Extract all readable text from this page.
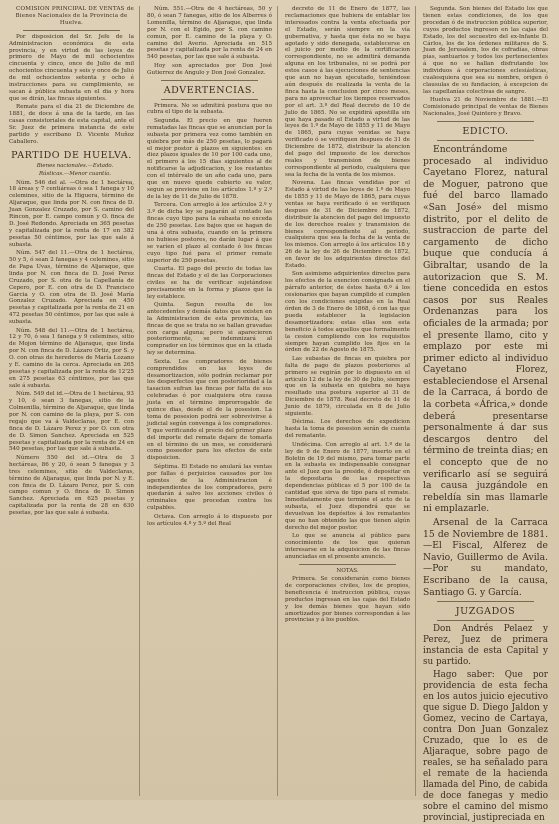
COMISION PRINCIPAL DE VENTAS de Bienes Nacionales de la Provincia de Huelva.

Por disposicion del Sr. Jefe de la Administracion económica de esta provincia, y en virtud de las leyes de primero de Mayo de mil ochocientos cincuenta y cinco, once de Julio de mil ochocientos cincuenta y seis y once de Julio de mil ochocientos setenta y ocho é instrucciones para su cumplimiento, se sacan á pública subasta en el dia y hora que se dirán, las fincas siguientes.

Remate para el dia 21 de Diciembre de 1881, de doce á una de la tarde, en las casas consistoriales de esta capital, ante el Sr. Juez de primera instancia de este partido y escribano D. Vicente Muñoz Caballero.

PARTIDO DE HUELVA.

Bienes nacionales.—Estado.

Rústicas.—Menor cuantía.

Núm. 546 del al. —Otra de 1 hectárea, 18 áreas y 7 centiáreas ó sea 1 fanega y 10 celemines, sitio de la Higuera, término de Aljaraque, que linda por N. con finca de D. Juan Gonzalez Cruzado, por S. camino del Rincon, por E. campo comun y O. finca de D. José Redondo. Apreciada en 365 pesetas y capitalizada por la renta de 17 en 382 pesetas 50 céntimos, por las que sale á subasta.

Núm. 547 del 11.—Otra de 1 hectárea, 50 y 5, ó sean 2 fanegas y 4 celemines, sitio de Papa Uvas, término de Aljaraque, que linda por N. con finca de D. José Perez Cruzado, por S. otra de la Capellanía de Cepero, por E. con otra de D. Francisco Garcia y O. con otra de D. José María Gonzalez Cruzado. Apreciada en 450 pesetas y capitalizada por la renta de 21 en 472 pesetas 50 céntimos, por las que sale á subasta.

Núm. 548 del 11.—Otra de 1 hectárea, 12 y 70, ó sea 1 fanega y 9 celemines, sitio de Mojon término de Aljaraque, que linda por N. con finca de D. Lázaro Ortiz, por S. y O. con otras de herederos de María Lozano y E. camino de la cerca. Apreciada en 265 pesetas y capitalizada por la renta de 12'25 en 275 pesetas 63 céntimos, por las que sale á subasta.

Núm. 549 del id.—Otra de 1 hectárea, 93 y 10, ó sean 3 fanegas, sitio de la Colmenilla, término de Aljaraque, que linda por N. con camino de la playa, por S. con regajo que va á Valdeclaras, por E. con finca de D. Lázaro Perez y por O. con otra de D. Simon Sanchez. Apreciada en 525 pesetas y capitalizada por la renta de 24 en 540 pesetas, por las que sale á subasta.

Número 550 del id.—Otra de 3 hectáreas, 86 y 20, ó sean 5 fanegas y 3 tres celemines, sitio de Valdeclaras, término de Aljaraque, que linda por N. y E. con finca de D. Lázaro Perez, por S. con campo comun y O. finca de D. Simon Sanchez. Apreciada en 625 pesetas y capitalizada por la renta de 28 en 630 pesetas, por las que sale á subasta.

Núm. 551.—Otra de 4 hectáreas, 50 y 80, ó sean 7 fanegas, sitio de los Alberres ó Lomenilla, término de Aljaraque, que linda por N. con el Egido, por S. con camino comun, por E. camino de la playa y O. camino del Averio. Apreciada en 515 pesetas y capitalizada por la renta de 24 en 540 pesetas, por las que sale á subasta.

Hoy son apreciados por Don José Gutierrez de Angulo y Don José Gonzalez.

ADVERTENCIAS.

Primera. No se admitirá postura que no cubra el tipo de la subasta.

Segunda. El precio en que fueren rematadas las fincas que se anuncian por la subasta por primera vez como también en quiebra por más de 250 pesetas, lo pagará el mejor postor á plazos en siguientes: en diez plazos iguales de 10 por 100 cada uno, el primero á los 15 dias siguientes al de notificarse la adjudicacion, y los restantes con el intérvalo de un año cada uno, para que en nuevo quede cubierto su valor, segun se previene en los artículos 1.º y 2.º de la ley de 11 de Julio de 1878.

Tercera. Con arreglo á los artículos 2.º y 3.º de dicha ley se pagarán al contado las fincas cuyo tipo para la subasta no exceda de 250 pesetas. Los bajos que se hagan de una á otra subasta, cuando en la primera no hubiese postores, no darán lugar á que se varíen el plazo al contado ó los fincas cuyo tipo fué para el primer remate superior de 250 pesetas.

Cuarta. El pago del precio de todas las fincas del Estado y el de las Corporaciones civiles se ha de verificar sujetándose precisamente en la forma y plazos que la ley establece.

Quinta. Segun resulta de los antecedentes y demás datos que existen en la Administracion de esta provincia, las fincas de que se trata no se hallan gravadas con carga alguna; pero si aparecieren posteriormente, se indemnizará al comprador en los términos que en la citada ley se determina.

Sexta. Los compradores de bienes comprendidos en las leyes de desamortizacion, sólo podrán reclamar por los desperfectos que con posterioridad á la tasacion sufran las fincas por falta de sus celebradas ó por cualquiera otra causa justa en el término improrrogable de quince dias, desde el de la posesion. La toma de posesion podrá ser sobrevivirse á judicial según convenga á los compradores. Y que verificando el precio del primer plazo del importe del remate dejare de tomarla en el término de un mes, se considerará como poseedor para los efectos de este disposicion.

Séptima. El Estado no anulará las ventas por fallas ó perjuicios causados por los agentes de la Administracion é independientes de los compradores, pero quedarán á salvo los acciones civiles ó criminales que procedan contra los culpables.

Octava. Con arreglo á lo dispuesto por los artículos 4.º y 5.º del Real

decreto de 11 de Enero de 1877, las reclamaciones que hubiera de entablar los interesados contra la venta efectuada por el Estado, serán siempre en la vía gubernativa, y hasta que ésta no se haya agotado y sido denegada, establecerse en el juicio por medio de la certificacion correspondiente, no se admitirá demanda alguna en los tribunales, ni se podrá por estos casos á las ejecuciones de sentencias que aun no hayan ejecutado, teniéndose aún después de realizada la venta de la finca hasta la conclusion por cinco meses, para no aprovechar los tiempos reservados por el art. 3.º del Real decreto de 10 de Julio de 1865. No se expidirá apostilla sin que haya pasado el Estado a virtud de las leyes de 1.º de Mayo de 1855 y 11 de Mayo de 1865, para cuyas venidas se haya verificado ó se verifiquen despues de 31 de Diciembre de 1872, distribuir la atencion del pago del impuesto de los derechos reales y transmision de bienes correspondiente al periodo, cualquiera que sea la fecha de la venta de los mismos.

Novena. Las fincas vendidas por el Estado á virtud de las leyes de 1.º de Mayo de 1855 y 11 de Mayo de 1865, para cuyas ventas se haya verificado ó se verifiquen despues de 31 de Diciembre de 1872, distribuir la atencion del pago del impuesto de los derechos reales y transmision de bienes correspondiente al periodo, cualquiera que sea la fecha de la venta de los mismos. Con arreglo á los artículos 18 y 26 de la ley de 26 de Diciembre de 1872, en favor de los adquirientes directos del Estado.

Son asimismo adquirientes directos para los efectos de la exencion consignada en el párrafo anterior, de éstos hasta 6.º á los cesionarios que hayan cumplido el cumplen con los condiciones exigidas en la Real órden de 3 de Enero de 1868, ó con las que pueda establecer la legislacion desamortizadora: estas ellas son esta beneficio á todos aquellos que formalmente la cesion cumpliendo con los requisitos siempre hayan cumplido los fijos en la órden de 22 de Agosto de 1875.

Las subastas de fincas en quiebra por falta de pago de plazos posteriores al primero se regirán por lo dispuesto en el articulo 12 de la ley de 30 de Julio, siempre que en la subasta en quiebra no haya resultado una postura superior al 31 de Diciembre de 1878. Real decreto de 11 de Junio de 1879, circulada en 8 de Julio siguiente.

Décima. Los derechos de expedicion hasta la toma de posesion serán de cuenta del rematante.

Undécima. Con arreglo al art. 1.º de la ley de 9 de Enero de 1877, inserto en el Boletin de 19 del mismo, para tomar parte en la subasta es indispensable consignar ante el Juez que la preside, ó depositar en la depositaria de las respectivas dependencias públicas el 5 por 100 de la cantidad que sirva de tipo para el remate. Inmediatamente que termine el acto de la subasta, el Juez dispondrá que se devuelvan los depósitos á los rematantes que no han obtenido las que tienen algún derecho del mejor postor.

Lo que se anuncia al público para conocimiento de los que quieran interesarse en la adquisicion de las fincas anunciadas en el presente anuncio.

NOTAS.

Primera. Se considerarán como bienes de corporaciones civiles, los de propios, beneficencia é instruccion pública, cuyas productos ingresan en las cajas del Estado y los demás bienes que hayan sido amortizados por bienes correspondan á las provincias y á los pueblos.

Segunda. Son bienes del Estado los que tienen estas condiciones, de los que procedan ó de instruccion pública superior, cuyos productos ingresen en las cajas del Estado, los del secuestro del ex-Infante D. Cárlos, los de los órdenes militares de S. Juan de Jerusalem, los de cofradías, obras pías, santuarios y todos los pertenecientes á que no se hallan disfrutando los individuos á corporaciones eclesiásticas, cualesquiera que sea su nombre, origen ó clausulas de su fundacion, á excepcion de las capellanías colectivas de sangre.

Huelva 21 de Noviembre de 1881.—El Comisionado principal de ventas de Bienes Nacionales, José Quintero y Bravo.

EDICTO.

Encontrándome procesado al individuo Cayetano Florez, natural de Moguer, patrono que fué del barco llamado «San José» del mismo distrito, por el delito de sustraccion de parte del cargamento de dicho buque que conducía á Gibraltar, usando de la autorizacion que S. M. tiene concedida en estos casos por sus Reales Ordenanzas para los oficiales de la armada; por el presente llamo, cito y emplazo por este mi primer edicto al individuo Cayetano Florez, estableciendose el Arsenal de la Carraca, á bordo de la corbeta «África,» donde deberá presentarse personalmente á dar sus descargos dentro del término de treinta dias; en el concepto que de no verificarlo así se seguirá la causa juzgándole en rebeldía sin mas llamarle ni emplazarle.

Arsenal de la Carraca 15 de Noviembre de 1881.—El Fiscal, Alferez de Navio, Guillermo de Avila.—Por su mandato, Escribano de la causa, Santiago G. y García.

JUZGADOS

Don Andrés Pelaez y Perez, Juez de primera instancia de esta Capital y su partido.

Hago saber: Que por providencia de esta fecha en los autos juicio ejecutivo que sigue D. Diego Jaldon y Gomez, vecino de Cartaya, contra Don Juan Gonzalez Cruzado, que lo es de Aljaraque, sobre pago de reales, se ha señalado para el remate de la hacienda llamada del Pino, de cabida de doce fanegas y medio sobre el camino del mismo provincial, justipreciada en
